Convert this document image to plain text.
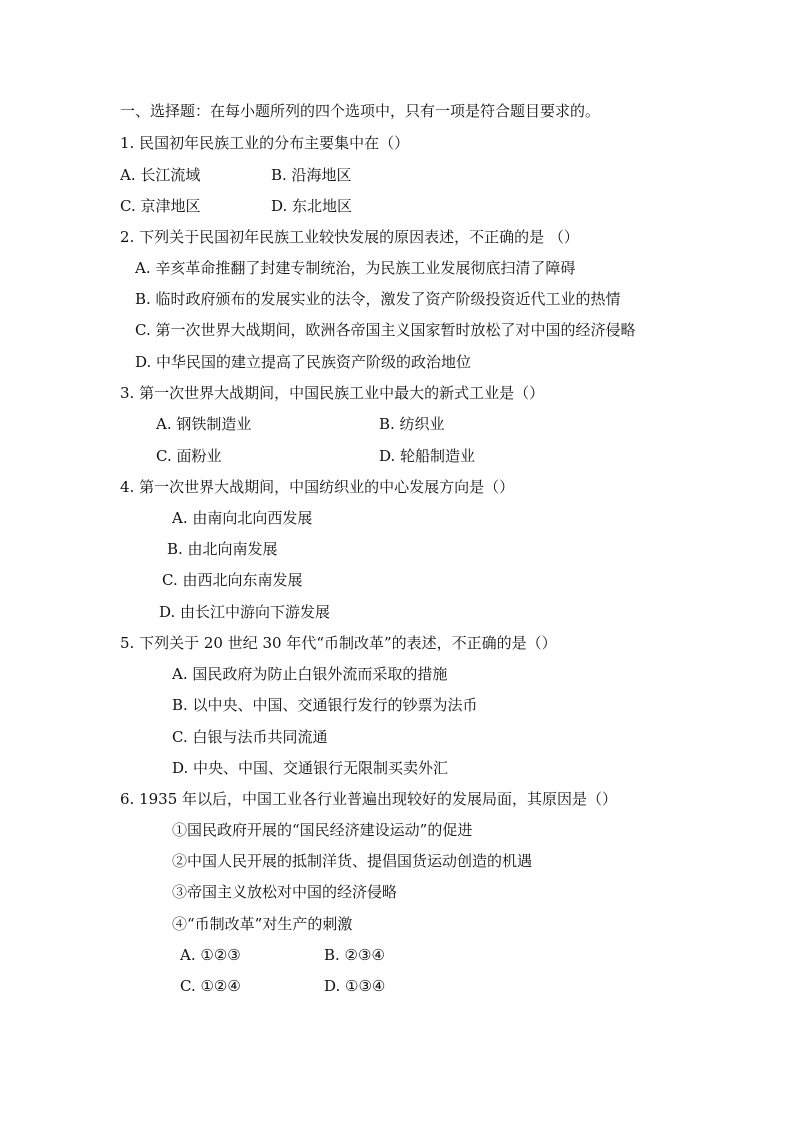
一、选择题：在每小题所列的四个选项中，只有一项是符合题目要求的。
1. 民国初年民族工业的分布主要集中在（）
A. 长江流域	B. 沿海地区
C. 京津地区	D. 东北地区
2. 下列关于民国初年民族工业较快发展的原因表述，不正确的是 （）
A. 辛亥革命推翻了封建专制统治，为民族工业发展彻底扫清了障碍
B. 临时政府颁布的发展实业的法令，激发了资产阶级投资近代工业的热情
C. 第一次世界大战期间，欧洲各帝国主义国家暂时放松了对中国的经济侵略
D. 中华民国的建立提高了民族资产阶级的政治地位
3. 第一次世界大战期间，中国民族工业中最大的新式工业是（）
A. 钢铁制造业	B. 纺织业
C. 面粉业	D. 轮船制造业
4. 第一次世界大战期间，中国纺织业的中心发展方向是（）
A. 由南向北向西发展
B. 由北向南发展
C. 由西北向东南发展
D. 由长江中游向下游发展
5. 下列关于 20 世纪 30 年代“币制改革”的表述，不正确的是（）
A. 国民政府为防止白银外流而采取的措施
B. 以中央、中国、交通银行发行的钞票为法币
C. 白银与法币共同流通
D. 中央、中国、交通银行无限制买卖外汇
6. 1935 年以后，中国工业各行业普遍出现较好的发展局面，其原因是（）
①国民政府开展的“国民经济建设运动”的促进
②中国人民开展的抵制洋货、提倡国货运动创造的机遇
③帝国主义放松对中国的经济侵略
④“币制改革”对生产的刺激
A. ①②③	B. ②③④
C. ①②④	D. ①③④
